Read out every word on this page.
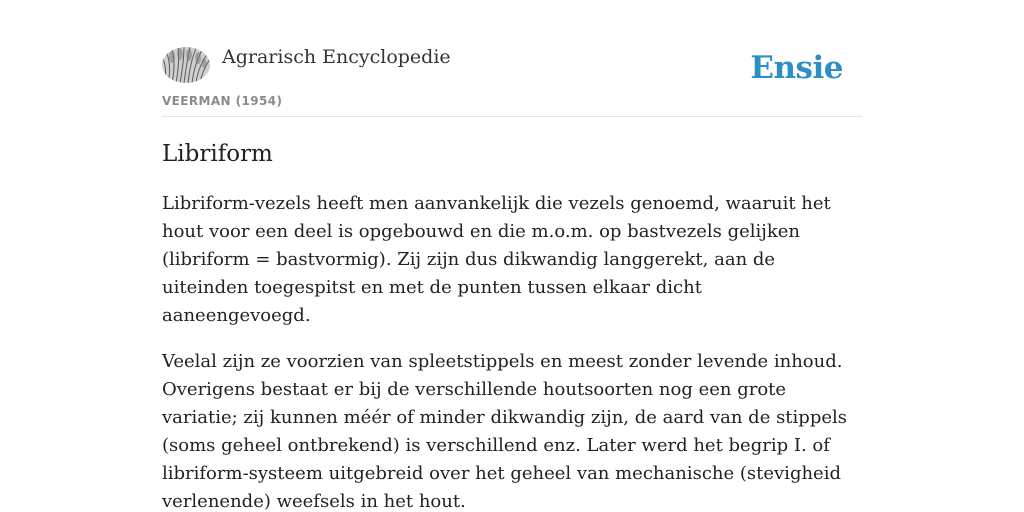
Agrarisch Encyclopedie
VEERMAN (1954)
Ensie
Libriform

Libriform-vezels heeft men aanvankelijk die vezels genoemd, waaruit het hout voor een deel is opgebouwd en die m.o.m. op bastvezels gelijken (libriform = bastvormig). Zij zijn dus dikwandig langgerekt, aan de uiteinden toegespitst en met de punten tussen elkaar dicht aaneengevoegd.

Veelal zijn ze voorzien van spleetstippels en meest zonder levende inhoud. Overigens bestaat er bij de verschillende houtsoorten nog een grote variatie; zij kunnen méér of minder dikwandig zijn, de aard van de stippels (soms geheel ontbrekend) is verschillend enz. Later werd het begrip I. of libriform-systeem uitgebreid over het geheel van mechanische (stevigheid verlenende) weefsels in het hout.
